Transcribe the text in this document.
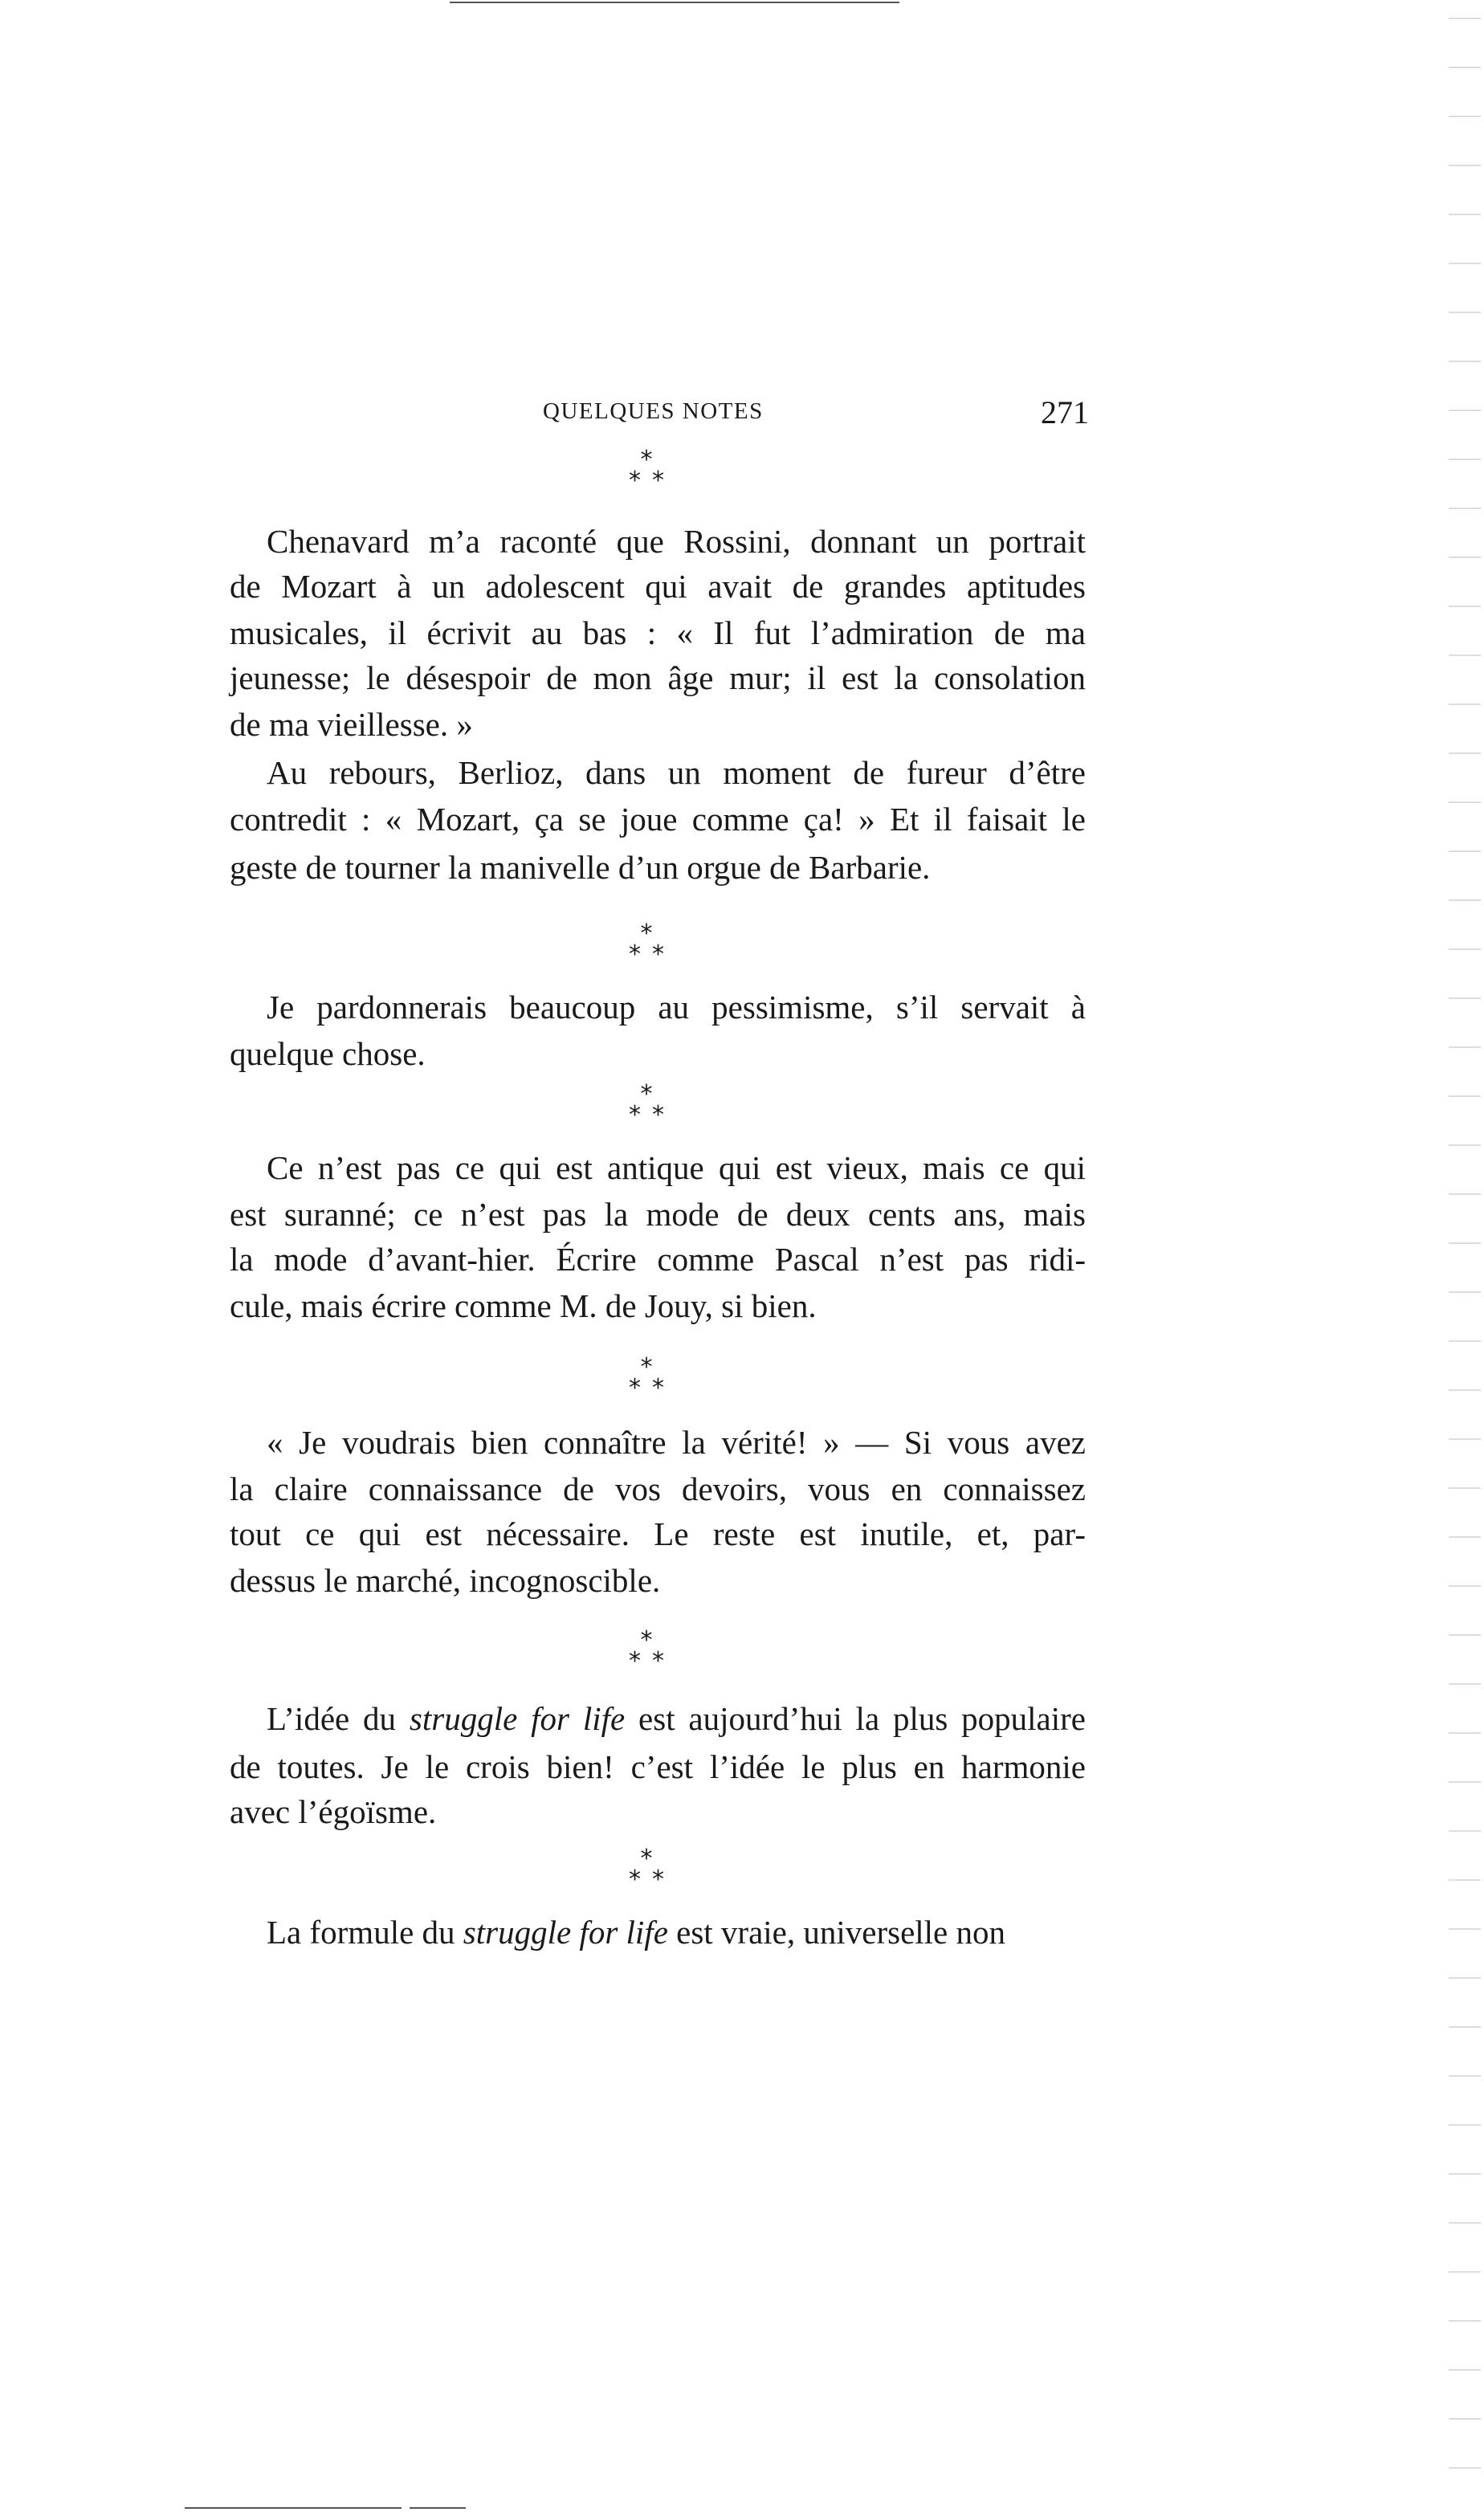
QUELQUES NOTES	271
*
* *
*
* *
*
* *
*
* *
*
* *
*
* *
Chenavard m’a raconté que Rossini, donnant un portrait
de Mozart à un adolescent qui avait de grandes aptitudes
musicales, il écrivit au bas : « Il fut l’admiration de ma
jeunesse; le désespoir de mon âge mur; il est la consolation
de ma vieillesse. »
Au rebours, Berlioz, dans un moment de fureur d’être
contredit : « Mozart, ça se joue comme ça! » Et il faisait le
geste de tourner la manivelle d’un orgue de Barbarie.
Je pardonnerais beaucoup au pessimisme, s’il servait à
quelque chose.
Ce n’est pas ce qui est antique qui est vieux, mais ce qui
est suranné; ce n’est pas la mode de deux cents ans, mais
la mode d’avant-hier. Écrire comme Pascal n’est pas ridi-
cule, mais écrire comme M. de Jouy, si bien.
« Je voudrais bien connaître la vérité! » — Si vous avez
la claire connaissance de vos devoirs, vous en connaissez
tout ce qui est nécessaire. Le reste est inutile, et, par-
dessus le marché, incognoscible.
L’idée du struggle for life est aujourd’hui la plus populaire
de toutes. Je le crois bien! c’est l’idée le plus en harmonie
avec l’égoïsme.
La formule du struggle for life est vraie, universelle non
